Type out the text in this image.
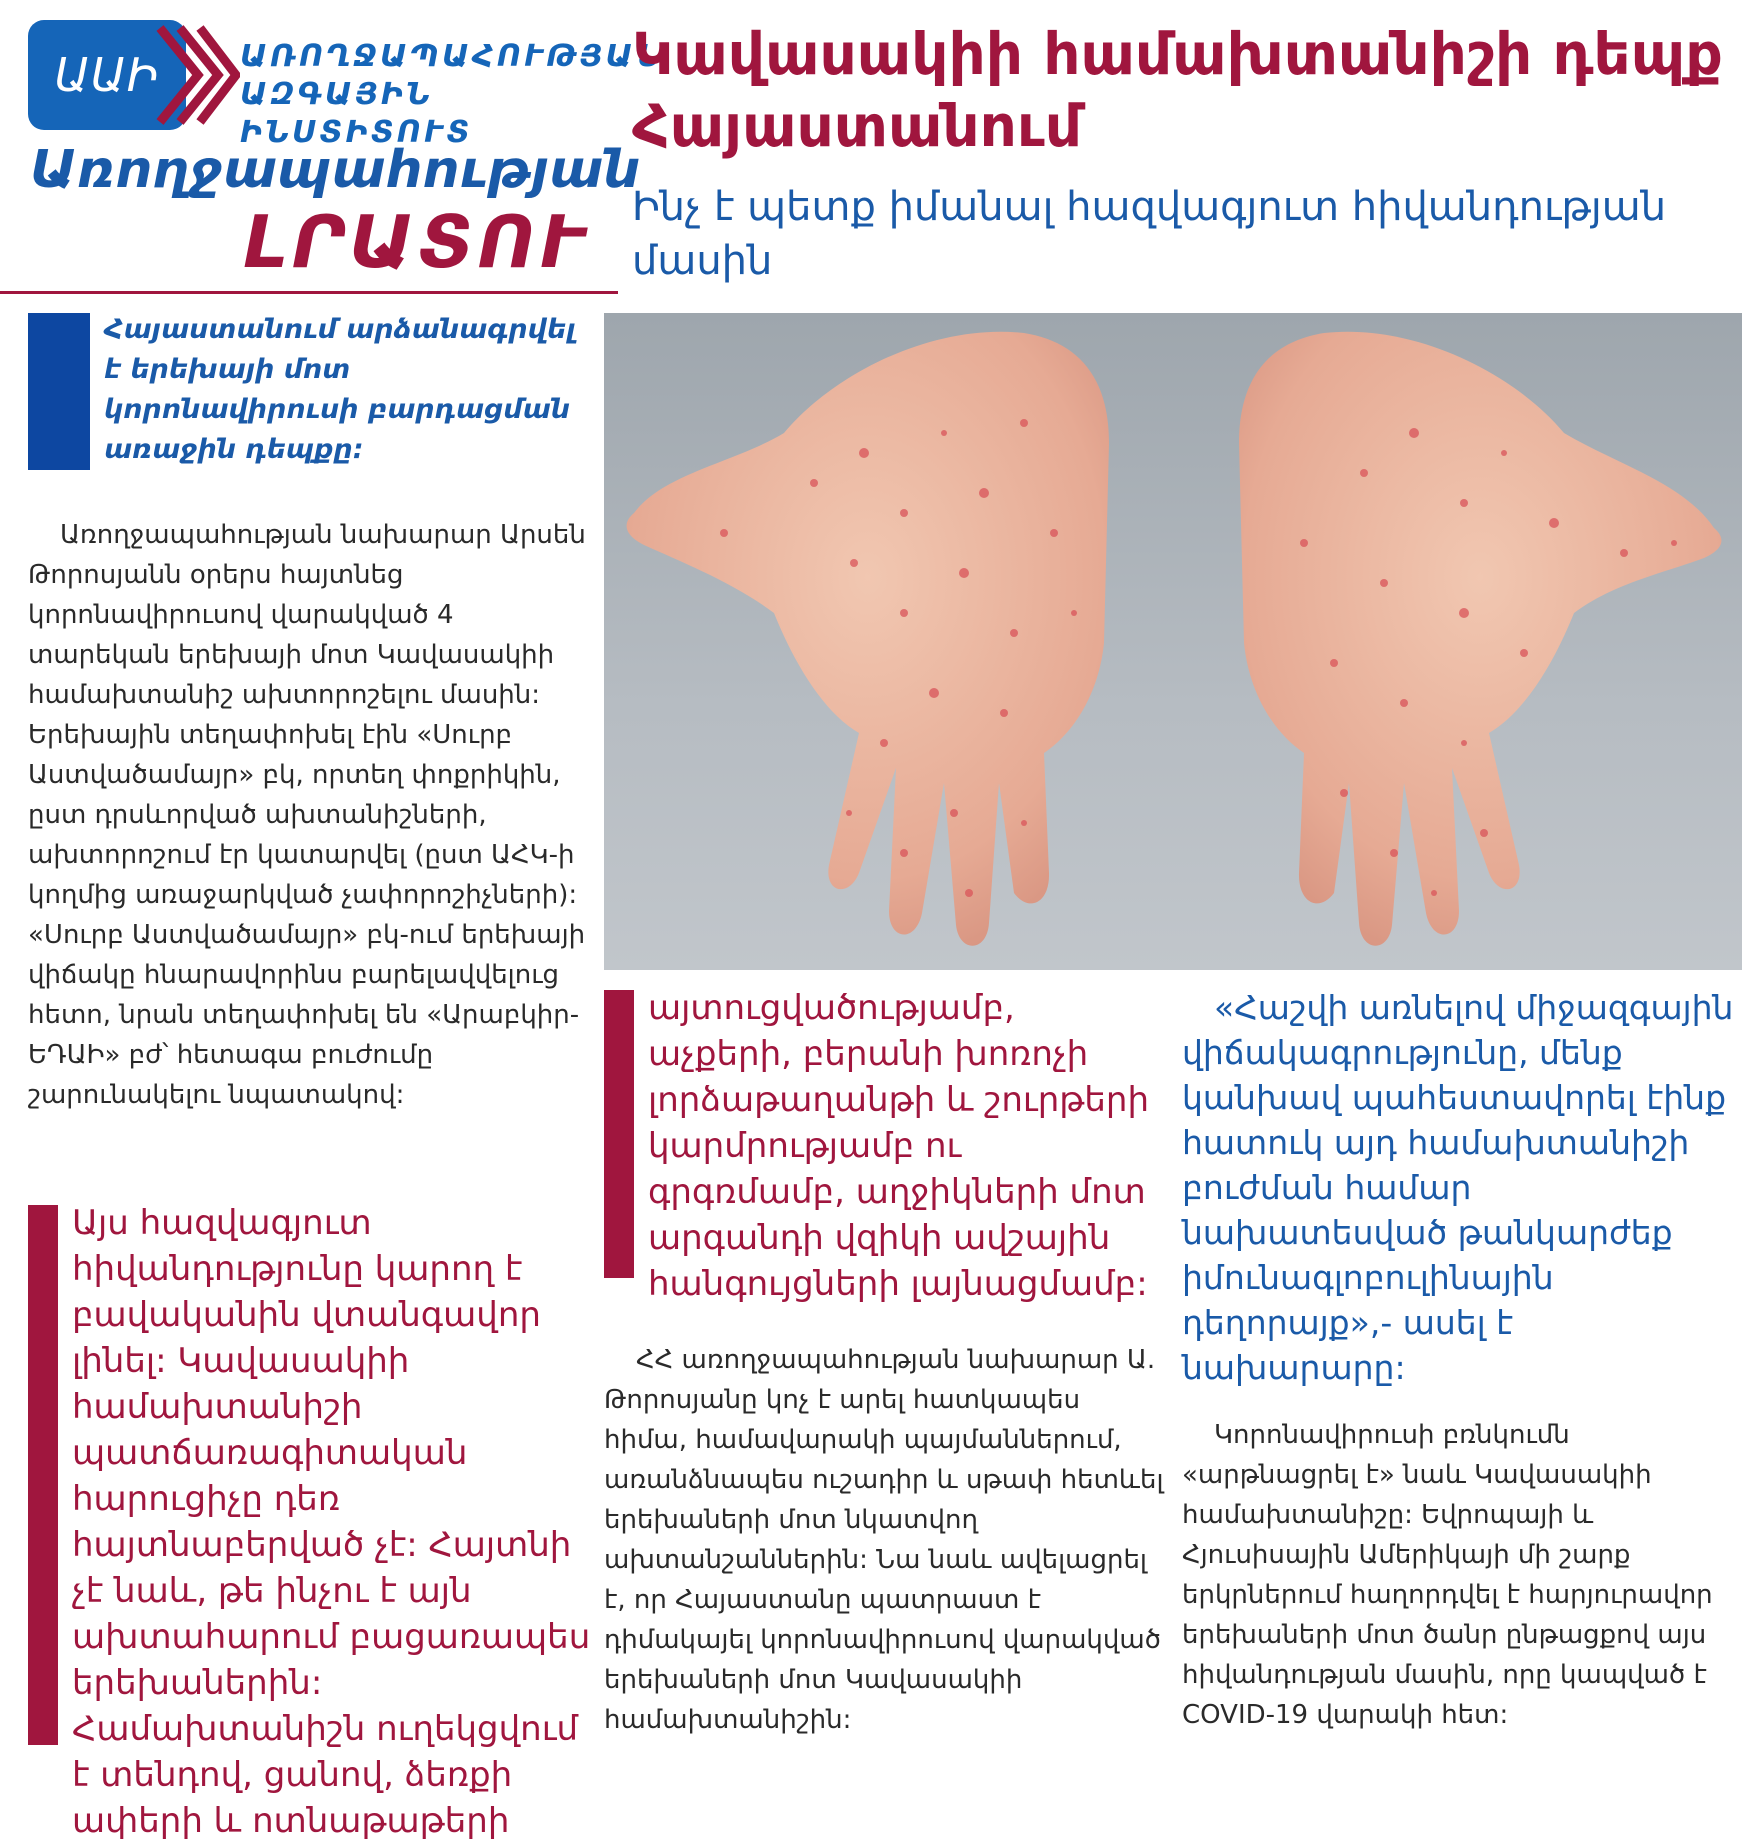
ԱԱԻ	ԱՌՈՂՋԱՊԱՀՈՒԹՅԱՆ
ԱԶԳԱՅԻՆ ԻՆՍՏԻՏՈՒՏ
Առողջապահության
ԼՐԱՏՈՒ
Կավասակիի համախտանիշի դեպք Հայաստանում
Ինչ է պետք իմանալ հազվագյուտ հիվանդության մասին
Հայաստանում արձանագրվել է երեխայի մոտ կորոնավիրուսի բարդացման առաջին դեպքը:

Առողջապահության նախարար Արսեն Թորոսյանն օրերս հայտնեց կորոնավիրուսով վարակված 4 տարեկան երեխայի մոտ Կավասակիի համախտանիշ ախտորոշելու մասին: Երեխային տեղափոխել էին «Սուրբ Աստվածամայր» բկ, որտեղ փոքրիկին, ըստ դրսևորված ախտանիշների, ախտորոշում էր կատարվել (ըստ ԱՀԿ-ի կողմից առաջարկված չափորոշիչների): «Սուրբ Աստվածամայր» բկ-ում երեխայի վիճակը հնարավորինս բարելավվելուց հետո, նրան տեղափոխել են «Արաբկիր-ԵԴԱԻ» բժ՝ հետագա բուժումը շարունակելու նպատակով:

Այս հազվագյուտ հիվանդությունը կարող է բավականին վտանգավոր լինել: Կավասակիի համախտանիշի պատճառագիտական հարուցիչը դեռ հայտնաբերված չէ: Հայտնի չէ նաև, թե ինչու է այն ախտահարում բացառապես երեխաներին: Համախտանիշն ուղեկցվում է տենդով, ցանով, ձեռքի ափերի և ոտնաթաթերի
այտուցվածությամբ, աչքերի, բերանի խոռոչի լորձաթաղանթի և շուրթերի կարմրությամբ ու գրգռմամբ, աղջիկների մոտ արգանդի վզիկի ավշային հանգույցների լայնացմամբ:

ՀՀ առողջապահության նախարար Ա. Թորոսյանը կոչ է արել հատկապես հիմա, համավարակի պայմաններում, առանձնապես ուշադիր և սթափ հետևել երեխաների մոտ նկատվող ախտանշաններին: Նա նաև ավելացրել է, որ Հայաստանը պատրաստ է դիմակայել կորոնավիրուսով վարակված երեխաների մոտ Կավասակիի համախտանիշին:

«Հաշվի առնելով միջազգային վիճակագրությունը, մենք կանխավ պահեստավորել էինք հատուկ այդ համախտանիշի բուժման համար նախատեսված թանկարժեք իմունագլոբուլինային դեղորայք»,- ասել է նախարարը:

Կորոնավիրուսի բռնկումն «արթնացրել է» նաև Կավասակիի համախտանիշը: Եվրոպայի և Հյուսիսային Ամերիկայի մի շարք երկրներում հաղորդվել է հարյուրավոր երեխաների մոտ ծանր ընթացքով այս հիվանդության մասին, որը կապված է COVID-19 վարակի հետ:
